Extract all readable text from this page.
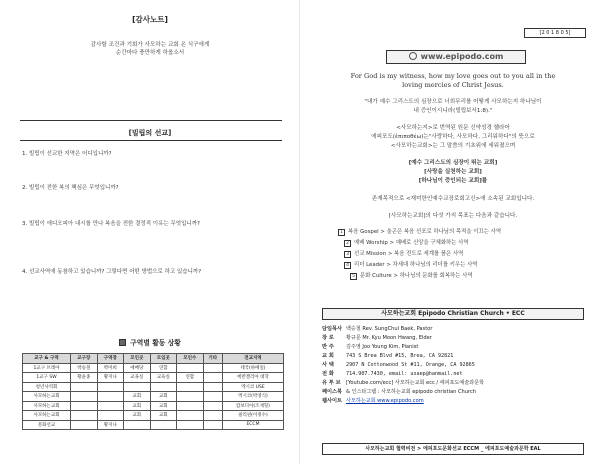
[감사노트]
감사할 조건과 기회가 사모하는 교회 온 식구에게
순간마다 충만하게 하옵소서
[빌립의 선교]
1. 빌립이 선교한 지역은 어디입니까?
2. 빌립이 전한 복의 핵심은 무엇입니까?
3. 빌립이 에디오피아 내시를 만나 복음을 전한 결정적 이유는 무엇입니까?
4. 선교사역에 동참하고 있습니까? 그렇다면 어떤 방법으로 하고 있습니까?
구역별 활동 상황
교구 & 구역	교구장	구역장	모인곳	모임곳	모인수	기타	전교지역
1교구 브레아	박승철	박미희	애배당	연합			테국(하베일)
1교구 SW	황윤종	황지나	교육실	교육실	연합		에반겔리아 대학
청년사역회							엑시코 USE
사모하는교회			교회	교회			엑시코(박영식)
사모하는교회			교회	교회			캄보디아(조재형)
사모하는교회			교회	교회			필리핀(이정수)
문화선교		황지나					ECCM
[2 0 1 8 0 5]
www.epipodo.com
For God is my witness, how my love goes out to you all in the
loving mercies of Christ Jesus.
"내가 예수 그리스도의 심장으로 너희무리를 어떻게 사모하는지 하나님이
내 증인이시니라(빌립보서1:8)."
<사모하는지>로 번역된 원문 신약성경 헬라어
에피포도(ἐπιποθέω)는"사랑하다, 사모하다, 그리워하다"의 뜻으로
<사모하는교회>는 그 말씀의 기초위에 세워졌으며
[예수 그리스도의 심장이 뛰는 교회]
[사랑을 실천하는 교회]
[하나님이 증인되는 교회]를
존재목적으로 <재미한인예수교장로회고신>에 소속된 교회입니다.
[사모하는교회]의 다섯 가지 목표는 다음과 같습니다.
1 복음 Gospel > 울곤은 복음 선포로 하나님의 목적을 이끄는 사역
2 예배 Worship > 예배로 신앙을 구체화하는 사역
3 선교 Mission > 복음 전도로 세계를 품은 사역
4 리더 Leader > 차세대 하나님의 리더를 키우는 사역
5 문화 Culture > 하나님의 문화를 회복하는 사역
사모하는교회 Epipodo Christian Church • ECC
담임목사 백승철 Rev. SungChul Baek, Pastor
장 로 황규문 Mr. Kyu Moon Hwang, Elder
반 주 김주영 Joo Young Kim, Pianist
교 회 743 S Brea Blvd #15, Brea, CA 92821
사 택 2907 N Cottonwood St #11, Orange, CA 92865
전 화 714.907.7430, email: usaep@hanmail.net
유 투 브 [Youtube.com/ecc] 사모하는교회 ecc / 에피포도예술과문학
페이스북 & 인스타그램 : 사모하는교회 epipodo christian Church
웹사이트 사모하는교회 www.epipodo.com
사모하는교회 협력비전 > 에피포도문화선교 ECCM _ 에피포도예술과문학 EAL
